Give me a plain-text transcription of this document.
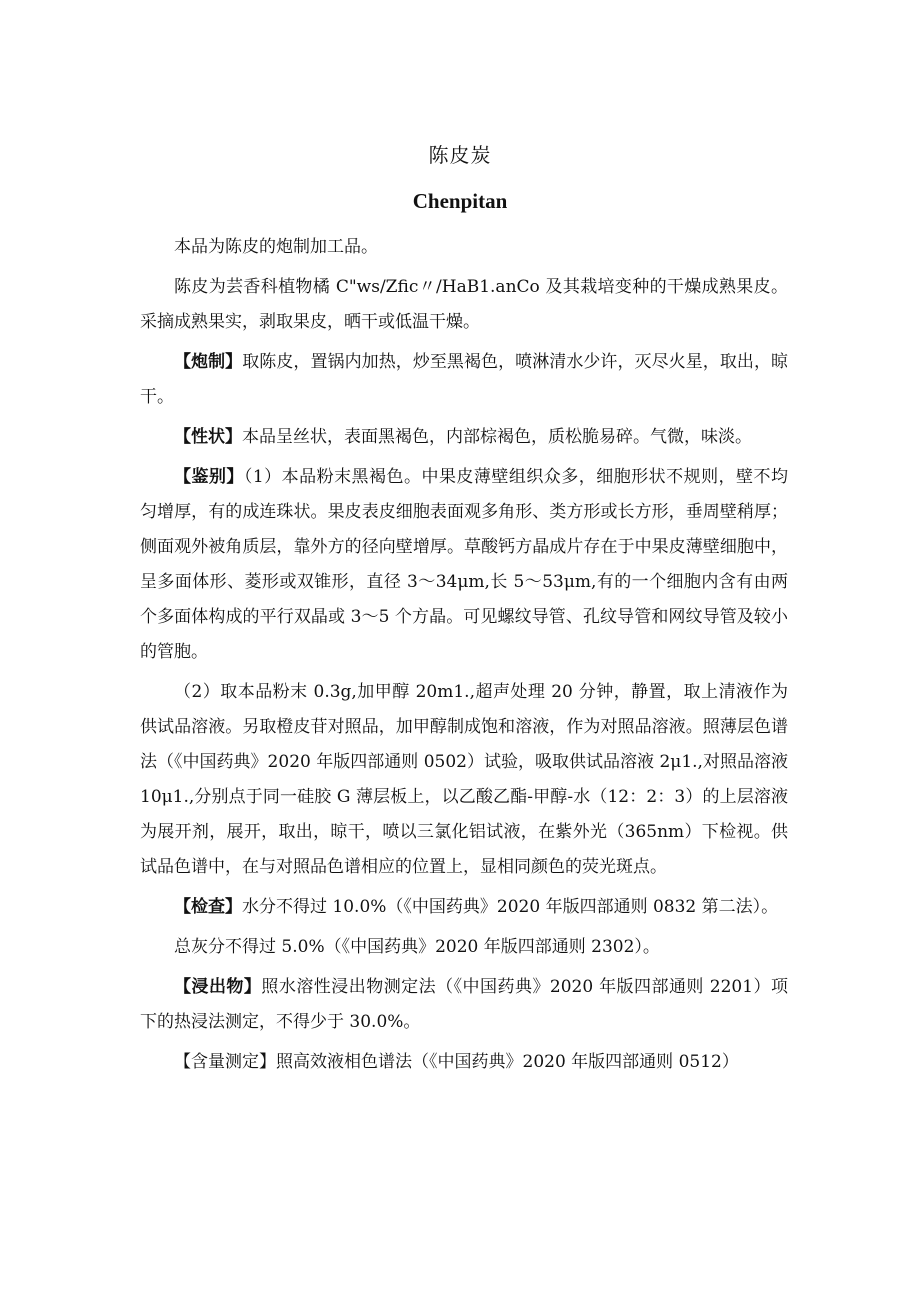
陈皮炭
Chenpitan

本品为陈皮的炮制加工品。

陈皮为芸香科植物橘 C"ws/Zfic〃/HaB1.anCo 及其栽培变种的干燥成熟果皮。采摘成熟果实，剥取果皮，晒干或低温干燥。

【炮制】取陈皮，置锅内加热，炒至黑褐色，喷淋清水少许，灭尽火星，取出，晾干。

【性状】本品呈丝状，表面黑褐色，内部棕褐色，质松脆易碎。气微，味淡。

【鉴别】（1）本品粉末黑褐色。中果皮薄壁组织众多，细胞形状不规则，壁不均匀增厚，有的成连珠状。果皮表皮细胞表面观多角形、类方形或长方形，垂周壁稍厚；侧面观外被角质层，靠外方的径向壁增厚。草酸钙方晶成片存在于中果皮薄壁细胞中，呈多面体形、菱形或双锥形，直径 3～34μm,长 5～53μm,有的一个细胞内含有由两个多面体构成的平行双晶或 3～5 个方晶。可见螺纹导管、孔纹导管和网纹导管及较小的管胞。

（2）取本品粉末 0.3g,加甲醇 20m1.,超声处理 20 分钟，静置，取上清液作为供试品溶液。另取橙皮苷对照品，加甲醇制成饱和溶液，作为对照品溶液。照薄层色谱法（《中国药典》2020 年版四部通则 0502）试验，吸取供试品溶液 2μ1.,对照品溶液 10μ1.,分别点于同一硅胶 G 薄层板上，以乙酸乙酯-甲醇-水（12：2：3）的上层溶液为展开剂，展开，取出，晾干，喷以三氯化铝试液，在紫外光（365nm）下检视。供试品色谱中，在与对照品色谱相应的位置上，显相同颜色的荧光斑点。

【检查】水分不得过 10.0%（《中国药典》2020 年版四部通则 0832 第二法）。

总灰分不得过 5.0%（《中国药典》2020 年版四部通则 2302）。

【浸出物】照水溶性浸出物测定法（《中国药典》2020 年版四部通则 2201）项下的热浸法测定，不得少于 30.0%。

【含量测定】照高效液相色谱法（《中国药典》2020 年版四部通则 0512）
